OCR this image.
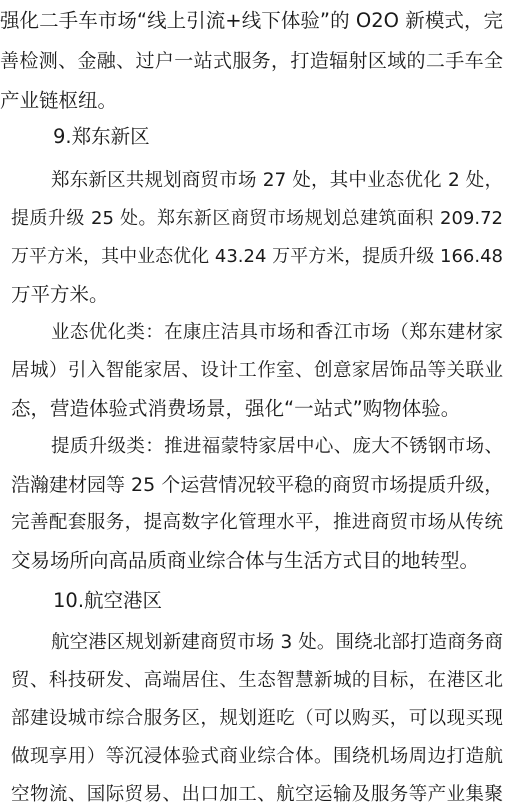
强化二手车市场“线上引流+线下体验”的 O2O 新模式，完
善检测、金融、过户一站式服务，打造辐射区域的二手车全
产业链枢纽。
9.郑东新区
郑东新区共规划商贸市场 27 处，其中业态优化 2 处，
提质升级 25 处。郑东新区商贸市场规划总建筑面积 209.72
万平方米，其中业态优化 43.24 万平方米，提质升级 166.48
万平方米。
业态优化类：在康庄洁具市场和香江市场（郑东建材家
居城）引入智能家居、设计工作室、创意家居饰品等关联业
态，营造体验式消费场景，强化“一站式”购物体验。
提质升级类：推进福蒙特家居中心、庞大不锈钢市场、
浩瀚建材园等 25 个运营情况较平稳的商贸市场提质升级，
完善配套服务，提高数字化管理水平，推进商贸市场从传统
交易场所向高品质商业综合体与生活方式目的地转型。
10.航空港区
航空港区规划新建商贸市场 3 处。围绕北部打造商务商
贸、科技研发、高端居住、生态智慧新城的目标，在港区北
部建设城市综合服务区，规划逛吃（可以购买，可以现买现
做现享用）等沉浸体验式商业综合体。围绕机场周边打造航
空物流、国际贸易、出口加工、航空运输及服务等产业集聚
